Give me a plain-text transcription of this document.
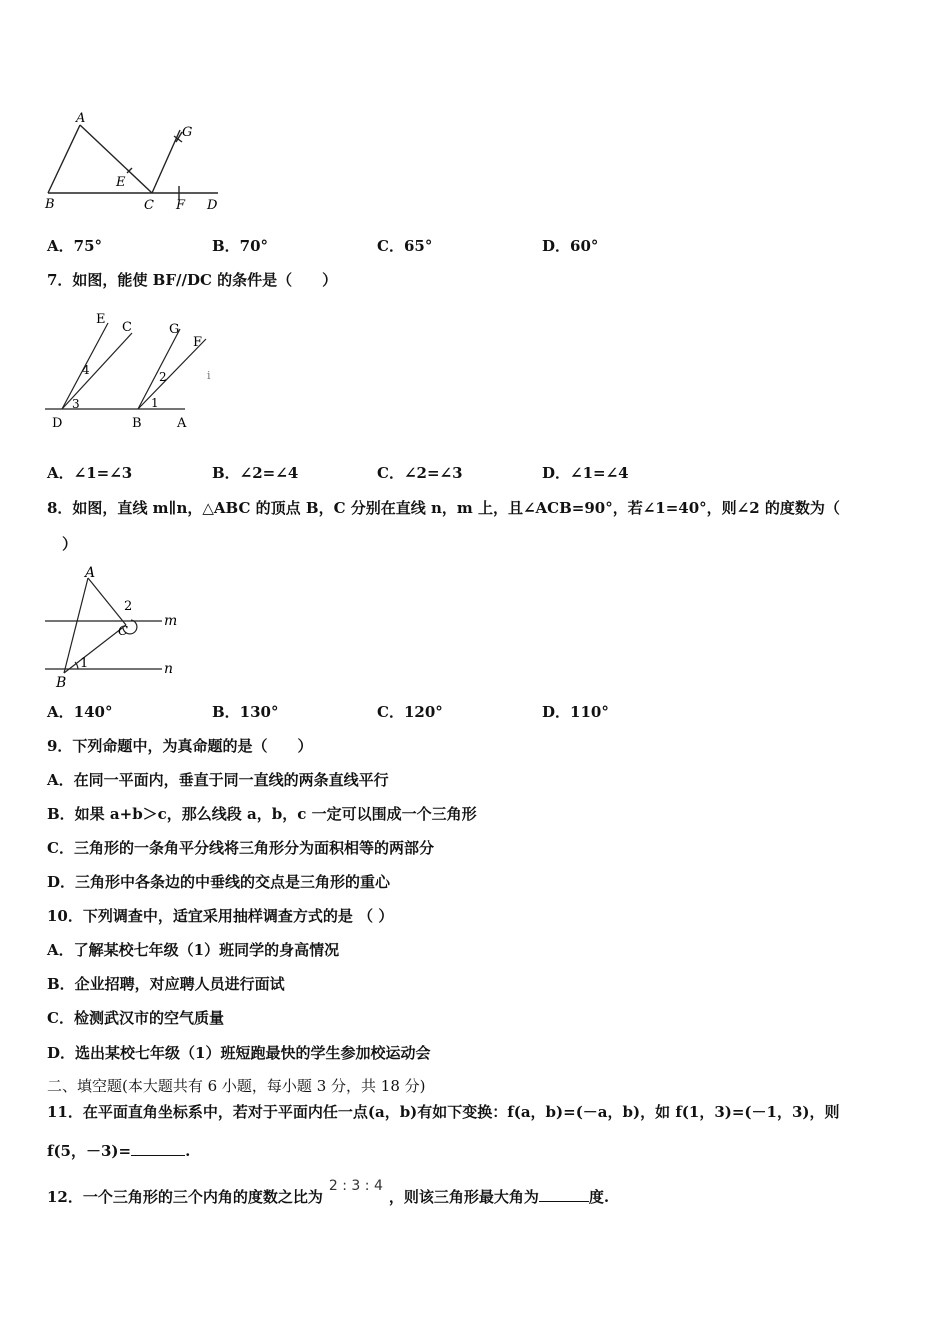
A
B	C	D
E
F
G
A．75°	B．70°	C．65°	D．60°
7．如图，能使 BF//DC 的条件是（　　）
E
C	G
F
D	B	A
1
2
3
4	i
A．∠1=∠3	B．∠2=∠4	C．∠2=∠3	D．∠1=∠4
8．如图，直线 m∥n，△ABC 的顶点 B，C 分别在直线 n，m 上，且∠ACB=90°，若∠1=40°，则∠2 的度数为（
）
A
B
C
m
n
1
2
A．140°	B．130°	C．120°	D．110°
9．下列命题中，为真命题的是（　　）
A．在同一平面内，垂直于同一直线的两条直线平行
B．如果 a+b＞c，那么线段 a，b，c 一定可以围成一个三角形
C．三角形的一条角平分线将三角形分为面积相等的两部分
D．三角形中各条边的中垂线的交点是三角形的重心
10．下列调查中，适宜采用抽样调查方式的是 （ ）
A．了解某校七年级（1）班同学的身高情况
B．企业招聘，对应聘人员进行面试
C．检测武汉市的空气质量
D．选出某校七年级（1）班短跑最快的学生参加校运动会
二、填空题(本大题共有 6 小题，每小题 3 分，共 18 分)
11．在平面直角坐标系中，若对于平面内任一点(a，b)有如下变换：f(a，b)=(－a，b)，如 f(1，3)=(－1，3)，则
f(5，－3)=	.
12．一个三角形的三个内角的度数之比为2 : 3 : 4，则该三角形最大角为	度.
